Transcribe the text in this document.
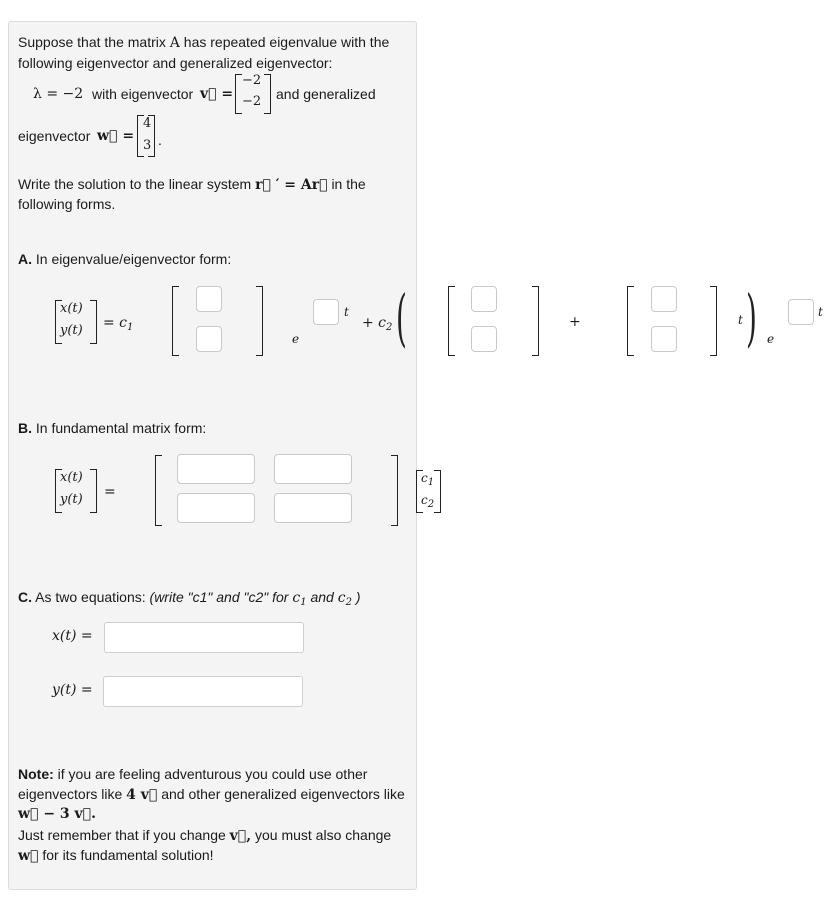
Suppose that the matrix A has repeated eigenvalue with the
following eigenvector and generalized eigenvector:
λ = −2 with eigenvector v⃗ =
−2
−2 and generalized
eigenvector w⃗ =
4
3 .
Write the solution to the linear system r⃗ ′ = Ar⃗ in the
following forms.
A. In eigenvalue/eigenvector form:
x(t)
$y(t) = c_1$
e
t
+ $c_2$ (	+	t ) e
t
B. In fundamental matrix form:
x(t)
y(t) =
$c_1$
$c_2$
C. As two equations: (write "c1" and "c2" for $c_1$ and $c_2$ )
x(t) =
y(t) =
Note: if you are feeling adventurous you could use other
eigenvectors like 4 v⃗ and other generalized eigenvectors like
w⃗ − 3 v⃗.
Just remember that if you change v⃗, you must also change
w⃗ for its fundamental solution!
